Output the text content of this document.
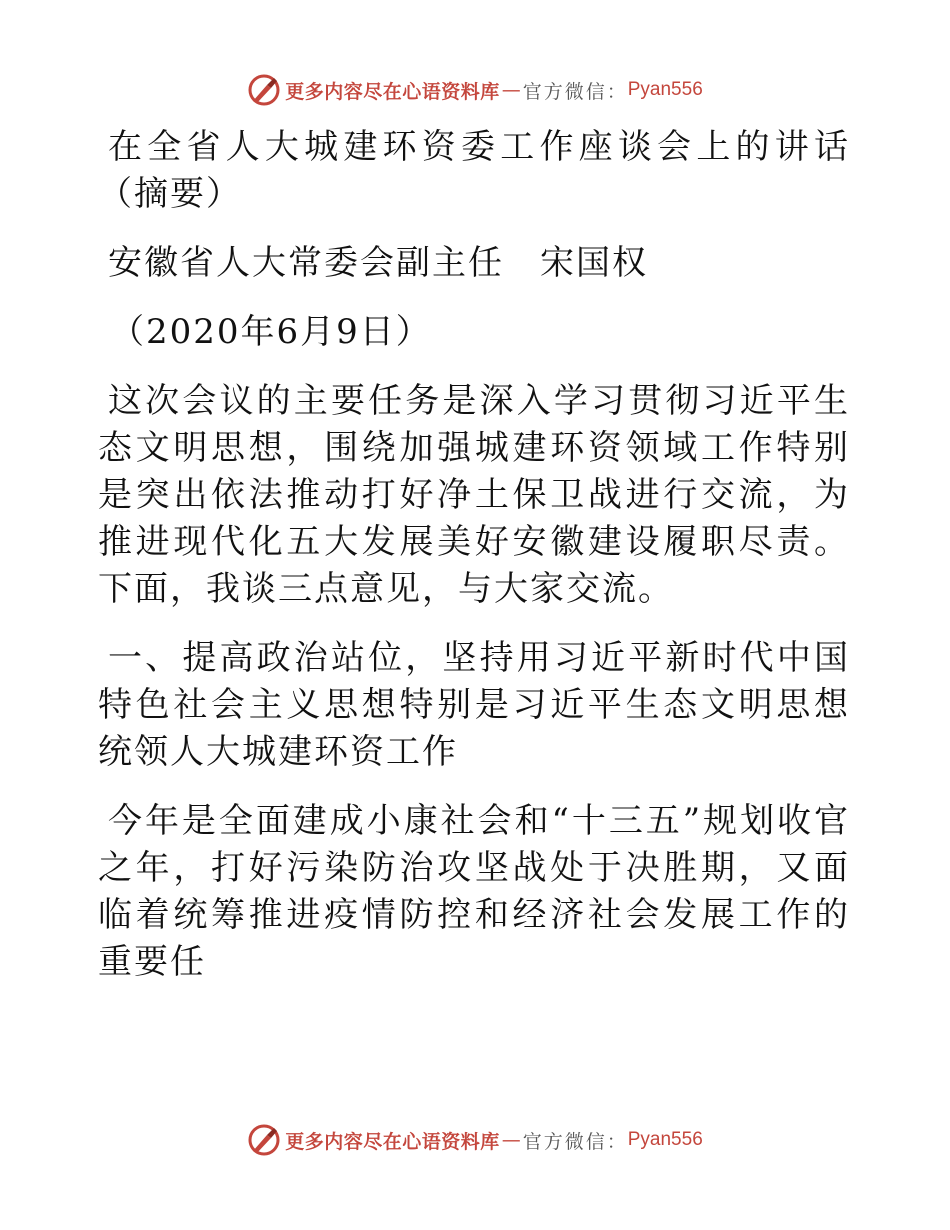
更多内容尽在心语资料库 — 官方微信： Pyan556

在全省人大城建环资委工作座谈会上的讲话（摘要）

安徽省人大常委会副主任　宋国权

（2020年6月9日）

这次会议的主要任务是深入学习贯彻习近平生态文明思想，围绕加强城建环资领域工作特别是突出依法推动打好净土保卫战进行交流，为推进现代化五大发展美好安徽建设履职尽责。下面，我谈三点意见，与大家交流。

一、提高政治站位，坚持用习近平新时代中国特色社会主义思想特别是习近平生态文明思想统领人大城建环资工作

今年是全面建成小康社会和“十三五”规划收官之年，打好污染防治攻坚战处于决胜期，又面临着统筹推进疫情防控和经济社会发展工作的重要任

更多内容尽在心语资料库 — 官方微信： Pyan556
